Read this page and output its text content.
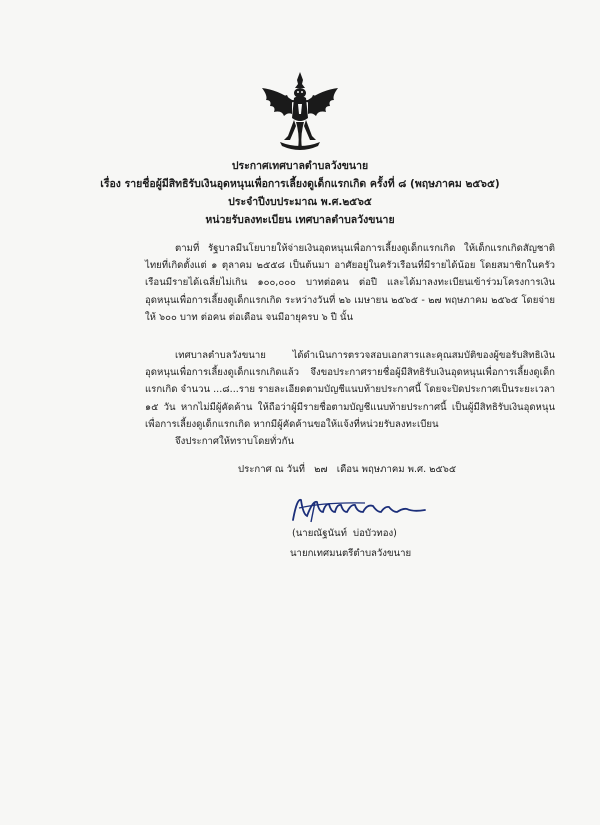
ประกาศเทศบาลตำบลวังขนาย
เรื่อง รายชื่อผู้มีสิทธิรับเงินอุดหนุนเพื่อการเลี้ยงดูเด็กแรกเกิด ครั้งที่ ๘ (พฤษภาคม ๒๕๖๕)
ประจำปีงบประมาณ พ.ศ.๒๕๖๕
หน่วยรับลงทะเบียน เทศบาลตำบลวังขนาย
ตามที่ รัฐบาลมีนโยบายให้จ่ายเงินอุดหนุนเพื่อการเลี้ยงดูเด็กแรกเกิด ให้เด็กแรกเกิดสัญชาติไทยที่เกิดตั้งแต่ ๑ ตุลาคม ๒๕๕๘ เป็นต้นมา อาศัยอยู่ในครัวเรือนที่มีรายได้น้อย โดยสมาชิกในครัวเรือนมีรายได้เฉลี่ยไม่เกิน ๑๐๐,๐๐๐ บาทต่อคน ต่อปี และได้มาลงทะเบียนเข้าร่วมโครงการเงินอุดหนุนเพื่อการเลี้ยงดูเด็กแรกเกิด ระหว่างวันที่ ๒๖ เมษายน ๒๕๖๕ - ๒๗ พฤษภาคม ๒๕๖๕ โดยจ่ายให้ ๖๐๐ บาท ต่อคน ต่อเดือน จนมีอายุครบ ๖ ปี นั้น
เทศบาลตำบลวังขนาย ได้ดำเนินการตรวจสอบเอกสารและคุณสมบัติของผู้ขอรับสิทธิเงินอุดหนุนเพื่อการเลี้ยงดูเด็กแรกเกิดแล้ว จึงขอประกาศรายชื่อผู้มีสิทธิรับเงินอุดหนุนเพื่อการเลี้ยงดูเด็กแรกเกิด จำนวน ...๘...ราย รายละเอียดตามบัญชีแนบท้ายประกาศนี้ โดยจะปิดประกาศเป็นระยะเวลา ๑๕ วัน หากไม่มีผู้คัดค้าน ให้ถือว่าผู้มีรายชื่อตามบัญชีแนบท้ายประกาศนี้ เป็นผู้มีสิทธิรับเงินอุดหนุนเพื่อการเลี้ยงดูเด็กแรกเกิด หากมีผู้คัดค้านขอให้แจ้งที่หน่วยรับลงทะเบียน
จึงประกาศให้ทราบโดยทั่วกัน
ประกาศ ณ วันที่   ๒๗   เดือน พฤษภาคม พ.ศ. ๒๕๖๕
(นายณัฐนันท์  บ่อบัวทอง)
นายกเทศมนตรีตำบลวังขนาย
